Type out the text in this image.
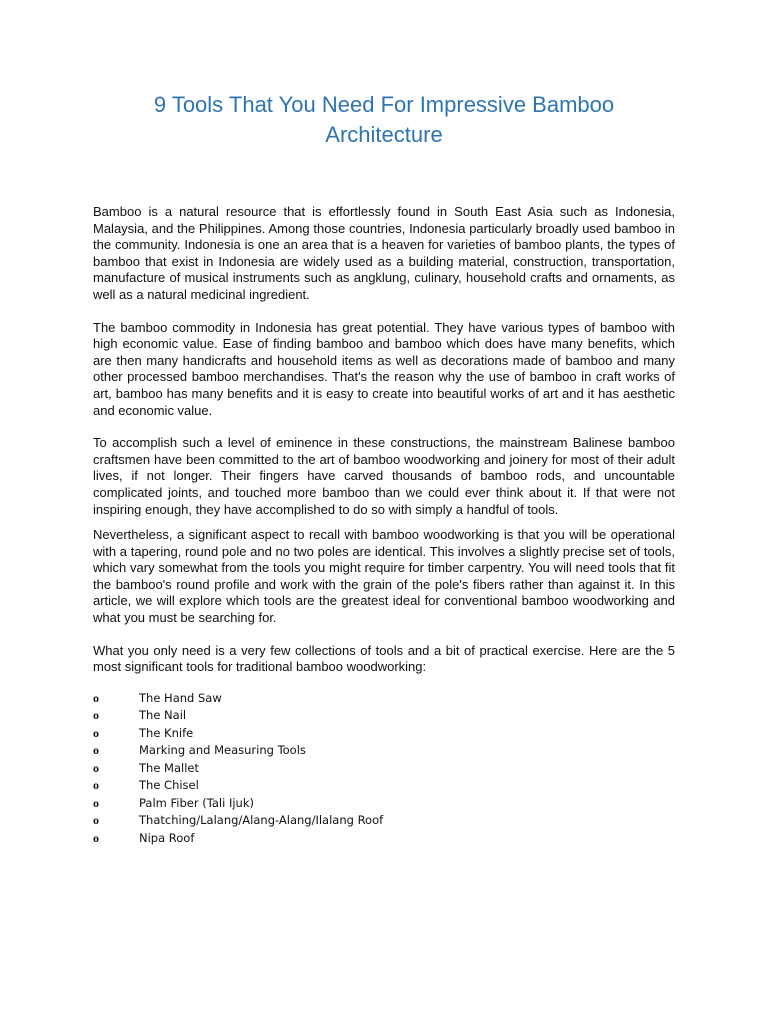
9 Tools That You Need For Impressive Bamboo Architecture

Bamboo is a natural resource that is effortlessly found in South East Asia such as Indonesia, Malaysia, and the Philippines. Among those countries, Indonesia particularly broadly used bamboo in the community. Indonesia is one an area that is a heaven for varieties of bamboo plants, the types of bamboo that exist in Indonesia are widely used as a building material, construction, transportation, manufacture of musical instruments such as angklung, culinary, household crafts and ornaments, as well as a natural medicinal ingredient.

The bamboo commodity in Indonesia has great potential. They have various types of bamboo with high economic value. Ease of finding bamboo and bamboo which does have many benefits, which are then many handicrafts and household items as well as decorations made of bamboo and many other processed bamboo merchandises. That's the reason why the use of bamboo in craft works of art, bamboo has many benefits and it is easy to create into beautiful works of art and it has aesthetic and economic value.

To accomplish such a level of eminence in these constructions, the mainstream Balinese bamboo craftsmen have been committed to the art of bamboo woodworking and joinery for most of their adult lives, if not longer. Their fingers have carved thousands of bamboo rods, and uncountable complicated joints, and touched more bamboo than we could ever think about it. If that were not inspiring enough, they have accomplished to do so with simply a handful of tools.

Nevertheless, a significant aspect to recall with bamboo woodworking is that you will be operational with a tapering, round pole and no two poles are identical. This involves a slightly precise set of tools, which vary somewhat from the tools you might require for timber carpentry. You will need tools that fit the bamboo's round profile and work with the grain of the pole's fibers rather than against it. In this article, we will explore which tools are the greatest ideal for conventional bamboo woodworking and what you must be searching for.

What you only need is a very few collections of tools and a bit of practical exercise. Here are the 5 most significant tools for traditional bamboo woodworking:

o	The Hand Saw
o	The Nail
o	The Knife
o	Marking and Measuring Tools
o	The Mallet
o	The Chisel
o	Palm Fiber (Tali Ijuk)
o	Thatching/Lalang/Alang-Alang/Ilalang Roof
o	Nipa Roof
